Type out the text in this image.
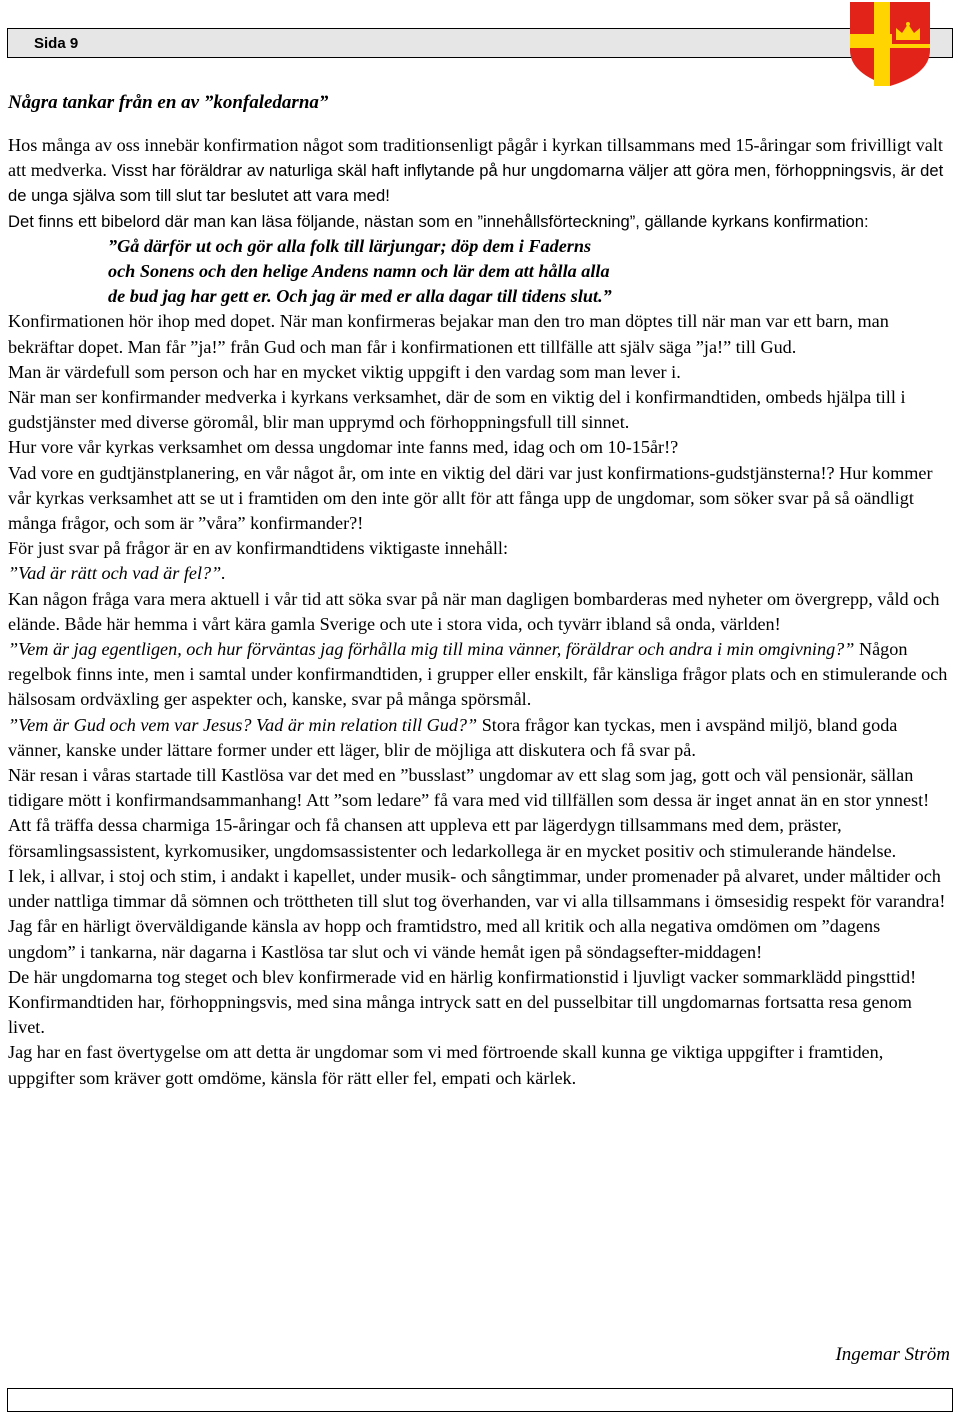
Sida 9
Några tankar från en av ”konfaledarna”

Hos många av oss innebär konfirmation något som traditionsenligt pågår i kyrkan tillsammans med 15-åringar som frivilligt valt att medverka. Visst har föräldrar av naturliga skäl haft inflytande på hur ungdomarna väljer att göra men, förhoppningsvis, är det de unga själva som till slut tar beslutet att vara med!

Det finns ett bibelord där man kan läsa följande, nästan som en ”innehållsförteckning”, gällande kyrkans konfirmation:

”Gå därför ut och gör alla folk till lärjungar; döp dem i Faderns

och Sonens och den helige Andens namn och lär dem att hålla alla

de bud jag har gett er. Och jag är med er alla dagar till tidens slut.”

Konfirmationen hör ihop med dopet. När man konfirmeras bejakar man den tro man döptes till när man var ett barn, man bekräftar dopet. Man får ”ja!” från Gud och man får i konfirmationen ett tillfälle att själv säga ”ja!” till Gud.

Man är värdefull som person och har en mycket viktig uppgift i den vardag som man lever i.

När man ser konfirmander medverka i kyrkans verksamhet, där de som en viktig del i konfirmandtiden, ombeds hjälpa till i gudstjänster med diverse göromål, blir man upprymd och förhoppningsfull till sinnet.

Hur vore vår kyrkas verksamhet om dessa ungdomar inte fanns med, idag och om 10-15år!?

Vad vore en gudtjänstplanering, en vår något år, om inte en viktig del däri var just konfirmations-gudstjänsterna!? Hur kommer vår kyrkas verksamhet att se ut i framtiden om den inte gör allt för att fånga upp de ungdomar, som söker svar på så oändligt många frågor, och som är ”våra” konfirmander?!

För just svar på frågor är en av konfirmandtidens viktigaste innehåll:

”Vad är rätt och vad är fel?”.

Kan någon fråga vara mera aktuell i vår tid att söka svar på när man dagligen bombarderas med nyheter om övergrepp, våld och elände. Både här hemma i vårt kära gamla Sverige och ute i stora vida, och tyvärr ibland så onda, världen!

”Vem är jag egentligen, och hur förväntas jag förhålla mig till mina vänner, föräldrar och andra i min omgivning?” Någon regelbok finns inte, men i samtal under konfirmandtiden, i grupper eller enskilt, får känsliga frågor plats och en stimulerande och hälsosam ordväxling ger aspekter och, kanske, svar på många spörsmål.

”Vem är Gud och vem var Jesus? Vad är min relation till Gud?” Stora frågor kan tyckas, men i avspänd miljö, bland goda vänner, kanske under lättare former under ett läger, blir de möjliga att diskutera och få svar på.

När resan i våras startade till Kastlösa var det med en ”busslast” ungdomar av ett slag som jag, gott och väl pensionär, sällan tidigare mött i konfirmandsammanhang! Att ”som ledare” få vara med vid tillfällen som dessa är inget annat än en stor ynnest! Att få träffa dessa charmiga 15-åringar och få chansen att uppleva ett par lägerdygn tillsammans med dem, präster, församlingsassistent, kyrkomusiker, ungdomsassistenter och ledarkollega är en mycket positiv och stimulerande händelse.

I lek, i allvar, i stoj och stim, i andakt i kapellet, under musik- och sångtimmar, under promenader på alvaret, under måltider och under nattliga timmar då sömnen och tröttheten till slut tog överhanden, var vi alla tillsammans i ömsesidig respekt för varandra!

Jag får en härligt överväldigande känsla av hopp och framtidstro, med all kritik och alla negativa omdömen om ”dagens ungdom” i tankarna, när dagarna i Kastlösa tar slut och vi vände hemåt igen på söndagsefter-middagen!

De här ungdomarna tog steget och blev konfirmerade vid en härlig konfirmationstid i ljuvligt vacker sommarklädd pingsttid!

Konfirmandtiden har, förhoppningsvis, med sina många intryck satt en del pusselbitar till ungdomarnas fortsatta resa genom livet.

Jag har en fast övertygelse om att detta är ungdomar som vi med förtroende skall kunna ge viktiga uppgifter i framtiden, uppgifter som kräver gott omdöme, känsla för rätt eller fel, empati och kärlek.

Ingemar Ström
